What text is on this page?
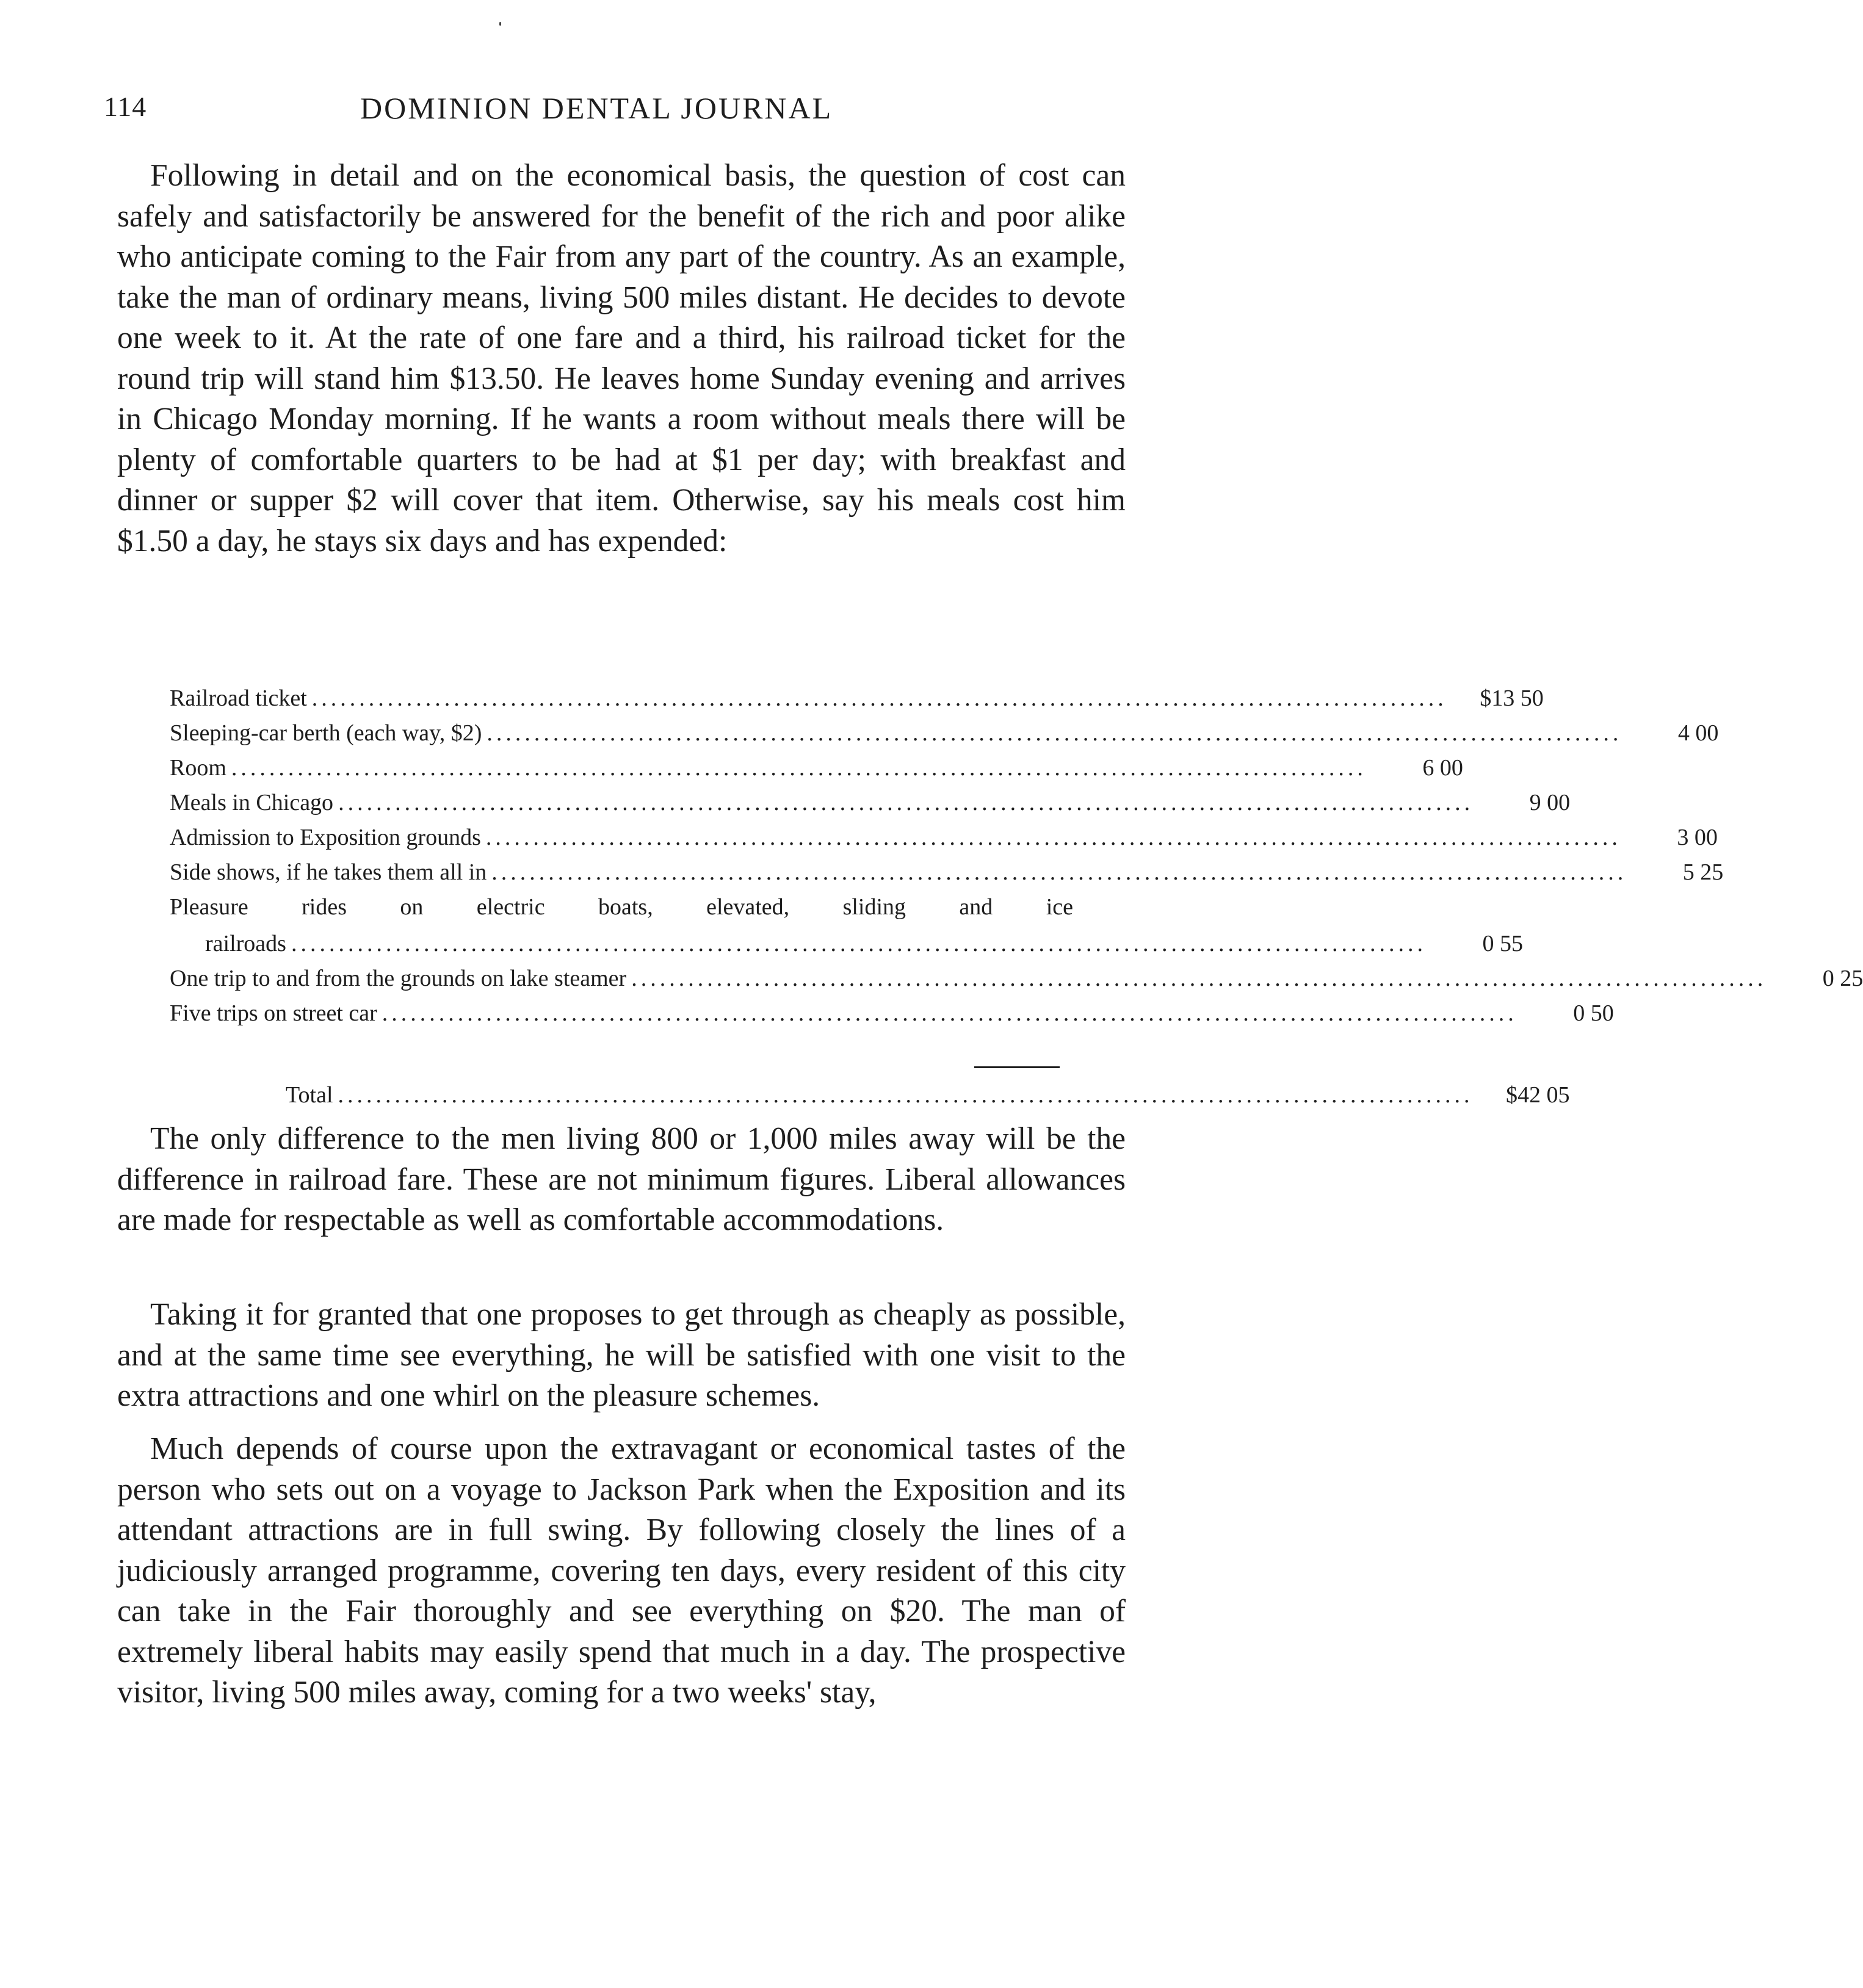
114	DOMINION DENTAL JOURNAL

Following in detail and on the economical basis, the question of cost can safely and satisfactorily be answered for the benefit of the rich and poor alike who anticipate coming to the Fair from any part of the country. As an example, take the man of ordinary means, living 500 miles distant. He decides to devote one week to it. At the rate of one fare and a third, his railroad ticket for the round trip will stand him $13.50. He leaves home Sunday evening and arrives in Chicago Monday morning. If he wants a room without meals there will be plenty of comfortable quarters to be had at $1 per day; with breakfast and dinner or supper $2 will cover that item. Otherwise, say his meals cost him $1.50 a day, he stays six days and has expended:

Railroad ticket ........................................................................................................................	$13 50
Sleeping-car berth (each way, $2) ........................................................................................................................	4 00
Room ........................................................................................................................	6 00
Meals in Chicago ........................................................................................................................	9 00
Admission to Exposition grounds ........................................................................................................................	3 00
Side shows, if he takes them all in ........................................................................................................................	5 25
Pleasure rides on electric boats, elevated, sliding and ice
railroads ........................................................................................................................	0 55
One trip to and from the grounds on lake steamer ........................................................................................................................	0 25
Five trips on street car ........................................................................................................................	0 50
Total ........................................................................................................................	$42 05

The only difference to the men living 800 or 1,000 miles away will be the difference in railroad fare. These are not minimum figures. Liberal allowances are made for respectable as well as comfortable accommodations.

Taking it for granted that one proposes to get through as cheaply as possible, and at the same time see everything, he will be satisfied with one visit to the extra attractions and one whirl on the pleasure schemes.

Much depends of course upon the extravagant or economical tastes of the person who sets out on a voyage to Jackson Park when the Exposition and its attendant attractions are in full swing. By following closely the lines of a judiciously arranged programme, covering ten days, every resident of this city can take in the Fair thoroughly and see everything on $20. The man of extremely liberal habits may easily spend that much in a day. The prospective visitor, living 500 miles away, coming for a two weeks' stay,
